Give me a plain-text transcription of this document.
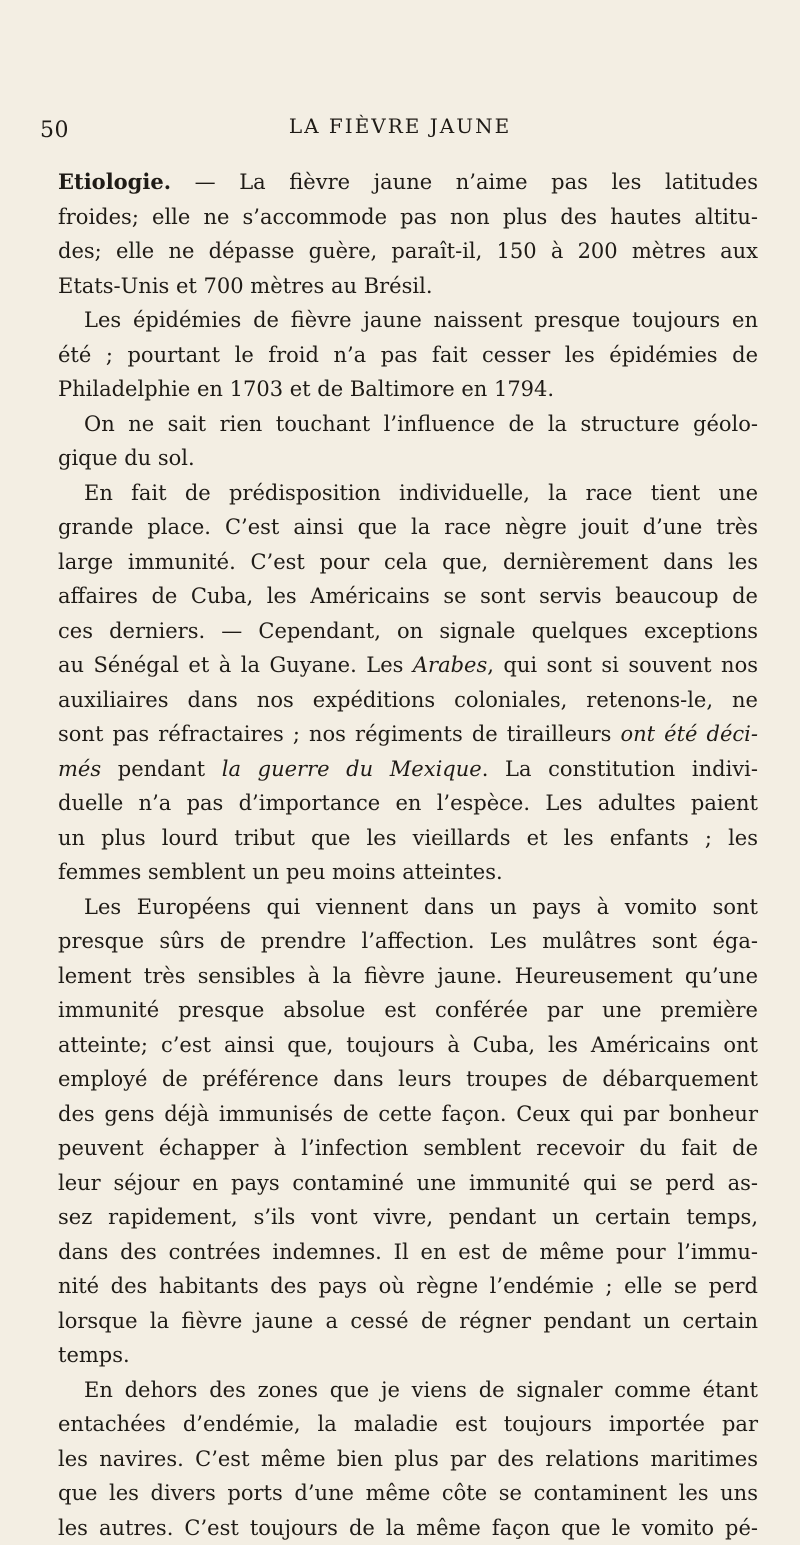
50	LA FIÈVRE JAUNE
Etiologie. — La fièvre jaune n’aime pas les latitudes
froides; elle ne s’accommode pas non plus des hautes altitu-
des; elle ne dépasse guère, paraît-il, 150 à 200 mètres aux
Etats-Unis et 700 mètres au Brésil.
Les épidémies de fièvre jaune naissent presque toujours en
été ; pourtant le froid n’a pas fait cesser les épidémies de
Philadelphie en 1703 et de Baltimore en 1794.
On ne sait rien touchant l’influence de la structure géolo-
gique du sol.
En fait de prédisposition individuelle, la race tient une
grande place. C’est ainsi que la race nègre jouit d’une très
large immunité. C’est pour cela que, dernièrement dans les
affaires de Cuba, les Américains se sont servis beaucoup de
ces derniers. — Cependant, on signale quelques exceptions
au Sénégal et à la Guyane. Les Arabes, qui sont si souvent nos
auxiliaires dans nos expéditions coloniales, retenons-le, ne
sont pas réfractaires ; nos régiments de tirailleurs ont été déci-
més pendant la guerre du Mexique. La constitution indivi-
duelle n’a pas d’importance en l’espèce. Les adultes paient
un plus lourd tribut que les vieillards et les enfants ; les
femmes semblent un peu moins atteintes.
Les Européens qui viennent dans un pays à vomito sont
presque sûrs de prendre l’affection. Les mulâtres sont éga-
lement très sensibles à la fièvre jaune. Heureusement qu’une
immunité presque absolue est conférée par une première
atteinte; c’est ainsi que, toujours à Cuba, les Américains ont
employé de préférence dans leurs troupes de débarquement
des gens déjà immunisés de cette façon. Ceux qui par bonheur
peuvent échapper à l’infection semblent recevoir du fait de
leur séjour en pays contaminé une immunité qui se perd as-
sez rapidement, s’ils vont vivre, pendant un certain temps,
dans des contrées indemnes. Il en est de même pour l’immu-
nité des habitants des pays où règne l’endémie ; elle se perd
lorsque la fièvre jaune a cessé de régner pendant un certain
temps.
En dehors des zones que je viens de signaler comme étant
entachées d’endémie, la maladie est toujours importée par
les navires. C’est même bien plus par des relations maritimes
que les divers ports d’une même côte se contaminent les uns
les autres. C’est toujours de la même façon que le vomito pé-
